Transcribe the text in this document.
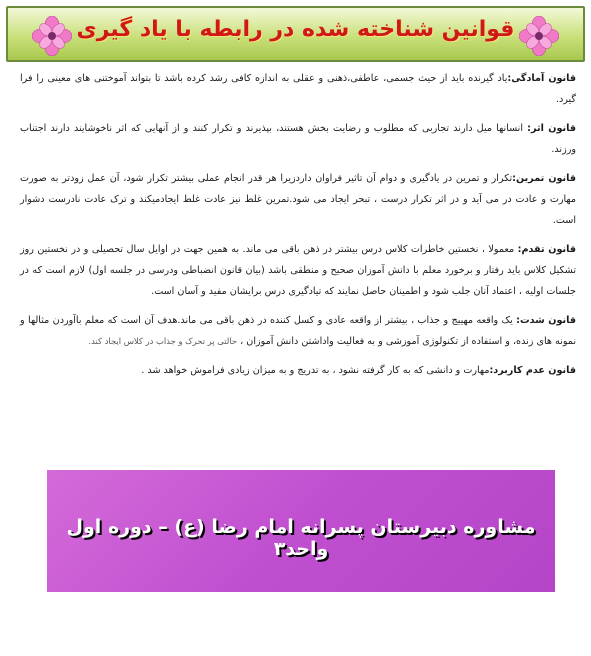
قوانین شناخته شده در رابطه با یاد گیری

قانون آمادگی:یاد گیرنده باید از حیث جسمی، عاطفی،ذهنی و عقلی به اندازه کافی رشد کرده باشد تا بتواند آموختنی های معینی را فرا گیرد.

قانون اثر: انسانها میل دارند تجاربی که مطلوب و رضایت بخش هستند، بپذیرند و تکرار کنند و از آنهایی که اثر ناخوشایند دارند اجتناب ورزند.

قانون تمرین:تکرار و تمرین در یادگیری و دوام آن تاثیر فراوان داردزیرا هر قدر انجام عملی بیشتر تکرار شود، آن عمل زودتر به صورت مهارت و عادت در می آید و در اثر تکرار درست ، تبحر ایجاد می شود.تمرین غلط نیز عادت غلط ایجادمیکند و ترک عادت نادرست دشوار است.

قانون تقدم: معمولا ، نخستین خاطرات کلاس درس بیشتر در ذهن باقی می ماند. به همین جهت در اوایل سال تحصیلی و در نخستین روز تشکیل کلاس باید رفتار و برخورد معلم با دانش آموزان صحیح و منطقی باشد (بیان قانون انضباطی ودرسی در جلسه اول) لازم است که در جلسات اولیه ، اعتماد آنان جلب شود و اطمینان حاصل نمایند که تیادگیری درس برایشان مفید و آسان است.

قانون شدت: یک واقعه مهییج و جذاب ، بیشتر از واقعه عادی و کسل کننده در ذهن باقی می ماند.هدف آن است که معلم باآوردن مثالها و نمونه های زنده، و استفاده از تکنولوژی آموزشی و به فعالیت واداشتن دانش آموزان ، حالتی پر تحرک و جذاب در کلاس ایجاد کند.

قانون عدم کاربرد:مهارت و دانشی که به کار گرفته نشود ، به تدریج و به میزان زیادی فراموش خواهد شد .

مشاوره دبیرستان پسرانه امام رضا (ع) – دوره اول واحد۳
